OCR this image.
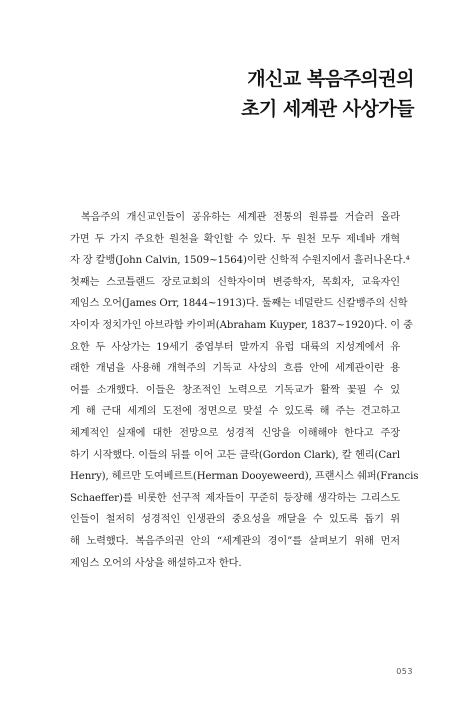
개신교 복음주의권의
초기 세계관 사상가들
복음주의 개신교인들이 공유하는 세계관 전통의 원류를 거슬러 올라
가면 두 가지 주요한 원천을 확인할 수 있다. 두 원천 모두 제네바 개혁
자 장 칼뱅(John Calvin, 1509~1564)이란 신학적 수원지에서 흘러나온다.⁴
첫째는 스코틀랜드 장로교회의 신학자이며 변증학자, 목회자, 교육자인
제임스 오어(James Orr, 1844~1913)다. 둘째는 네덜란드 신칼뱅주의 신학
자이자 정치가인 아브라함 카이퍼(Abraham Kuyper, 1837~1920)다. 이 중
요한 두 사상가는 19세기 중엽부터 말까지 유럽 대륙의 지성계에서 유
래한 개념을 사용해 개혁주의 기독교 사상의 흐름 안에 세계관이란 용
어를 소개했다. 이들은 창조적인 노력으로 기독교가 활짝 꽃필 수 있
게 해 근대 세계의 도전에 정면으로 맞설 수 있도록 해 주는 견고하고
체계적인 실재에 대한 전망으로 성경적 신앙을 이해해야 한다고 주장
하기 시작했다. 이들의 뒤를 이어 고든 클락(Gordon Clark), 칼 헨리(Carl
Henry), 헤르만 도여베르트(Herman Dooyeweerd), 프랜시스 쉐퍼(Francis
Schaeffer)를 비롯한 선구적 제자들이 꾸준히 등장해 생각하는 그리스도
인들이 철저히 성경적인 인생관의 중요성을 깨달을 수 있도록 돕기 위
해 노력했다. 복음주의권 안의 “세계관의 경이”를 살펴보기 위해 먼저
제임스 오어의 사상을 해설하고자 한다.
053
